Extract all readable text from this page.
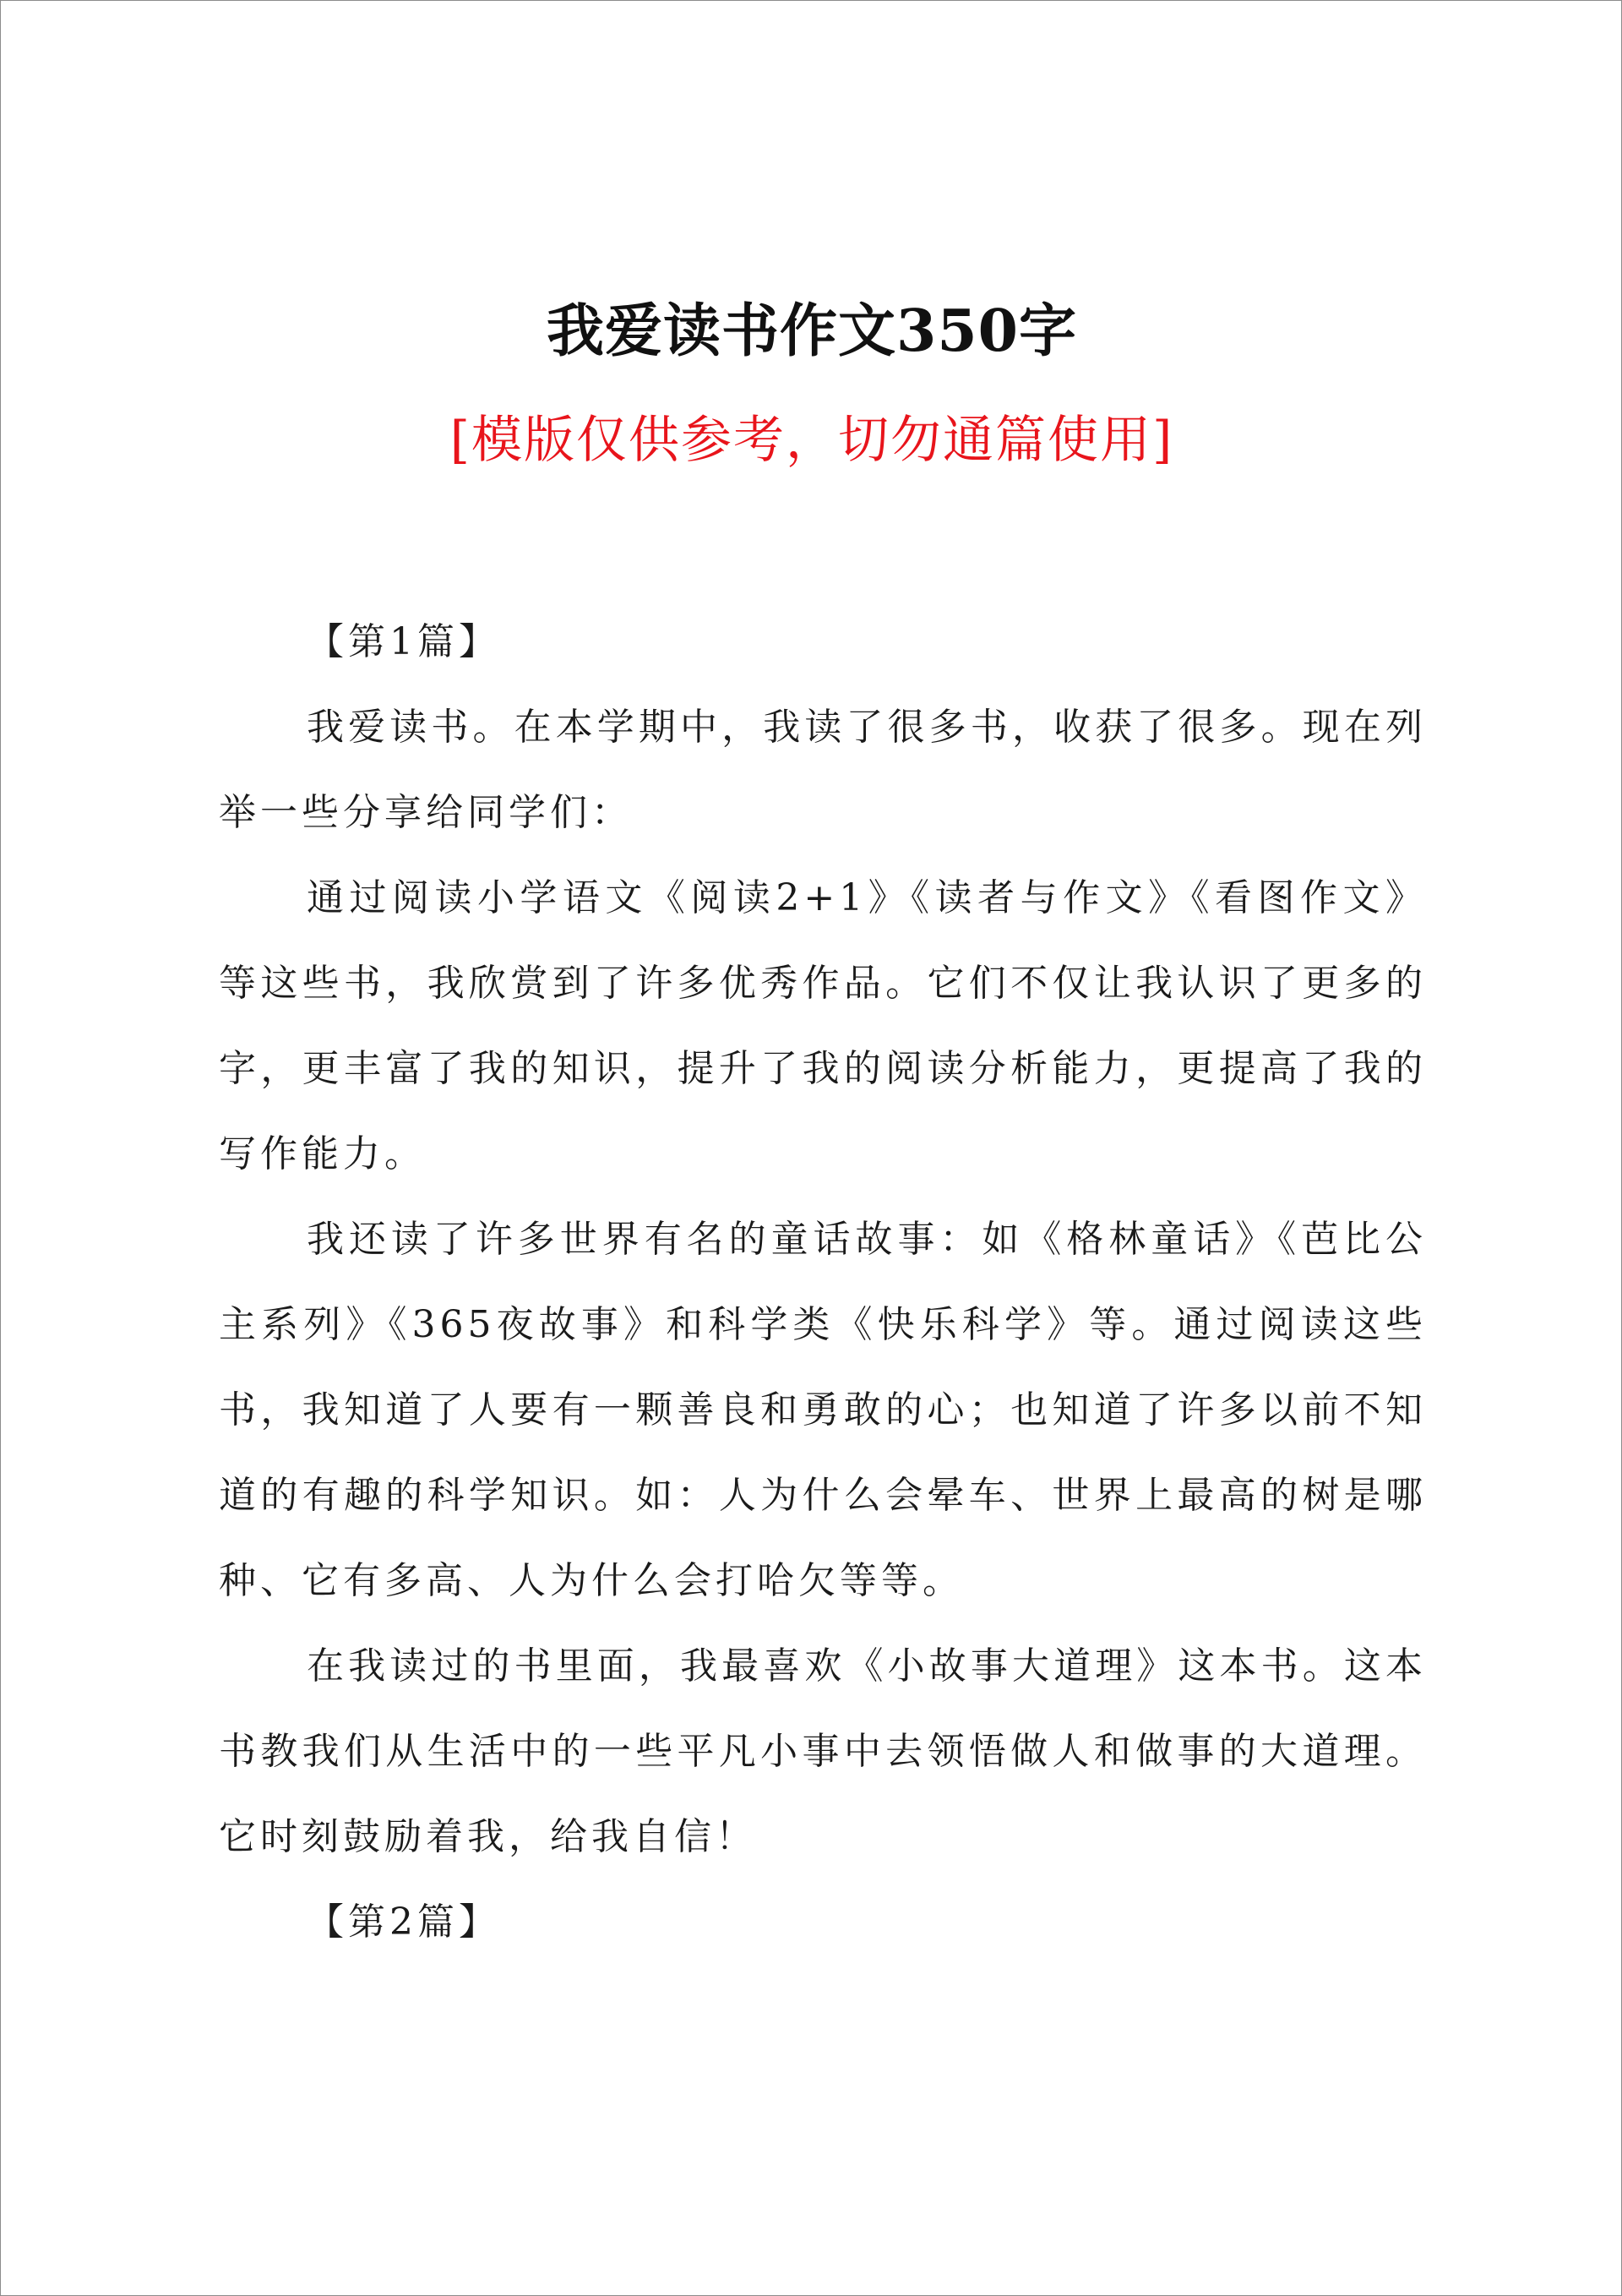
我爱读书作文350字
[模版仅供参考，切勿通篇使用]

【第1篇】

我爱读书。在本学期中，我读了很多书，收获了很多。现在列举一些分享给同学们：

通过阅读小学语文《阅读2+1》《读者与作文》《看图作文》等这些书，我欣赏到了许多优秀作品。它们不仅让我认识了更多的字，更丰富了我的知识，提升了我的阅读分析能力，更提高了我的写作能力。

我还读了许多世界有名的童话故事：如《格林童话》《芭比公主系列》《365夜故事》和科学类《快乐科学》等。通过阅读这些书，我知道了人要有一颗善良和勇敢的心；也知道了许多以前不知道的有趣的科学知识。如：人为什么会晕车、世界上最高的树是哪种、它有多高、人为什么会打哈欠等等。

在我读过的书里面，我最喜欢《小故事大道理》这本书。这本书教我们从生活中的一些平凡小事中去领悟做人和做事的大道理。它时刻鼓励着我，给我自信！

【第2篇】
